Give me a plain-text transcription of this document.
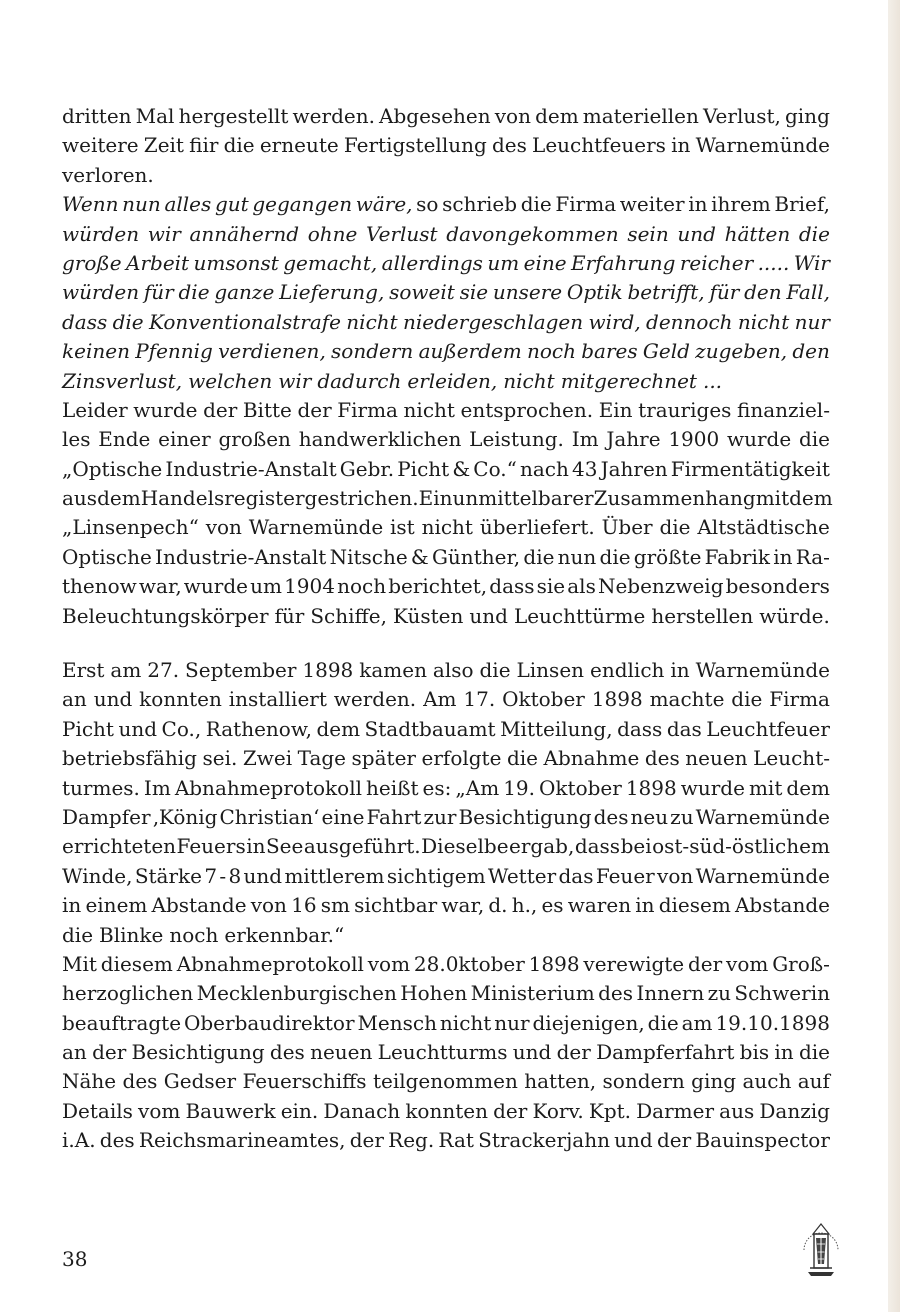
dritten Mal hergestellt werden. Abgesehen von dem materiellen Verlust, ging
weitere Zeit fiir die erneute Fertigstellung des Leuchtfeuers in Warnemünde
verloren.
Wenn nun alles gut gegangen wäre, so schrieb die Firma weiter in ihrem Brief,
würden wir annähernd ohne Verlust davongekommen sein und hätten die
große Arbeit umsonst gemacht, allerdings um eine Erfahrung reicher ..... Wir
würden für die ganze Lieferung, soweit sie unsere Optik betrifft, für den Fall,
dass die Konventionalstrafe nicht niedergeschlagen wird, dennoch nicht nur
keinen Pfennig verdienen, sondern außerdem noch bares Geld zugeben, den
Zinsverlust, welchen wir dadurch erleiden, nicht mitgerechnet ...
Leider wurde der Bitte der Firma nicht entsprochen. Ein trauriges finanziel-
les Ende einer großen handwerklichen Leistung. Im Jahre 1900 wurde die
„Optische Industrie-Anstalt Gebr. Picht & Co.“ nach 43 Jahren Firmentätigkeit
aus dem Handelsregister gestrichen. Ein unmittelbarer Zusammenhang mit dem
„Linsenpech“ von Warnemünde ist nicht überliefert. Über die Altstädtische
Optische Industrie-Anstalt Nitsche & Günther, die nun die größte Fabrik in Ra-
thenow war, wurde um 1904 noch berichtet, dass sie als Nebenzweig besonders
Beleuchtungskörper für Schiffe, Küsten und Leuchttürme herstellen würde.
Erst am 27. September 1898 kamen also die Linsen endlich in Warnemünde
an und konnten installiert werden. Am 17. Oktober 1898 machte die Firma
Picht und Co., Rathenow, dem Stadtbauamt Mitteilung, dass das Leuchtfeuer
betriebsfähig sei. Zwei Tage später erfolgte die Abnahme des neuen Leucht-
turmes. Im Abnahmeprotokoll heißt es: „Am 19. Oktober 1898 wurde mit dem
Dampfer ‚König Christian‘ eine Fahrt zur Besichtigung des neu zu Warnemünde
errichteten Feuers in See ausgeführt. Dieselbe ergab, dass bei ost-süd-östlichem
Winde, Stärke 7 - 8 und mittlerem sichtigem Wetter das Feuer von Warnemünde
in einem Abstande von 16 sm sichtbar war, d. h., es waren in diesem Abstande
die Blinke noch erkennbar.“
Mit diesem Abnahmeprotokoll vom 28.0ktober 1898 verewigte der vom Groß-
herzoglichen Mecklenburgischen Hohen Ministerium des Innern zu Schwerin
beauftragte Oberbaudirektor Mensch nicht nur diejenigen, die am 19.10.1898
an der Besichtigung des neuen Leuchtturms und der Dampferfahrt bis in die
Nähe des Gedser Feuerschiffs teilgenommen hatten, sondern ging auch auf
Details vom Bauwerk ein. Danach konnten der Korv. Kpt. Darmer aus Danzig
i.A. des Reichsmarineamtes, der Reg. Rat Strackerjahn und der Bauinspector
38
